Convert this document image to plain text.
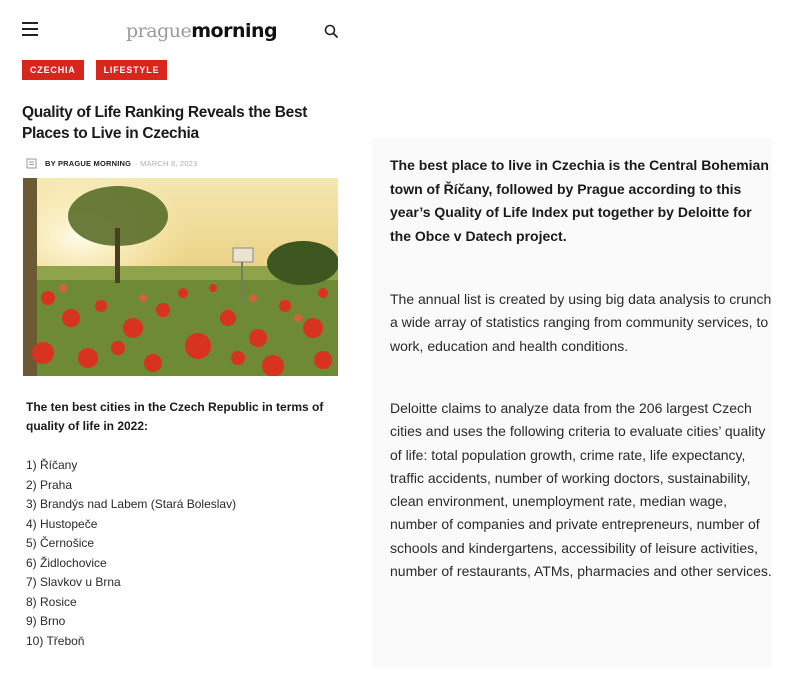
praguemorning
CZECHIA	LIFESTYLE
Quality of Life Ranking Reveals the Best Places to Live in Czechia
BY PRAGUE MORNING · MARCH 8, 2023

The ten best cities in the Czech Republic in terms of quality of life in 2022:

1) Říčany
2) Praha
3) Brandýs nad Labem (Stará Boleslav)
4) Hustopeče
5) Černošice
6) Židlochovice
7) Slavkov u Brna
8) Rosice
9) Brno
10) Třeboň

The best place to live in Czechia is the Central Bohemian town of Říčany, followed by Prague according to this year’s Quality of Life Index put together by Deloitte for the Obce v Datech project.

The annual list is created by using big data analysis to crunch a wide array of statistics ranging from community services, to work, education and health conditions.

Deloitte claims to analyze data from the 206 largest Czech cities and uses the following criteria to evaluate cities’ quality of life: total population growth, crime rate, life expectancy, traffic accidents, number of working doctors, sustainability, clean environment, unemployment rate, median wage, number of companies and private entrepreneurs, number of schools and kindergartens, accessibility of leisure activities, number of restaurants, ATMs, pharmacies and other services.
